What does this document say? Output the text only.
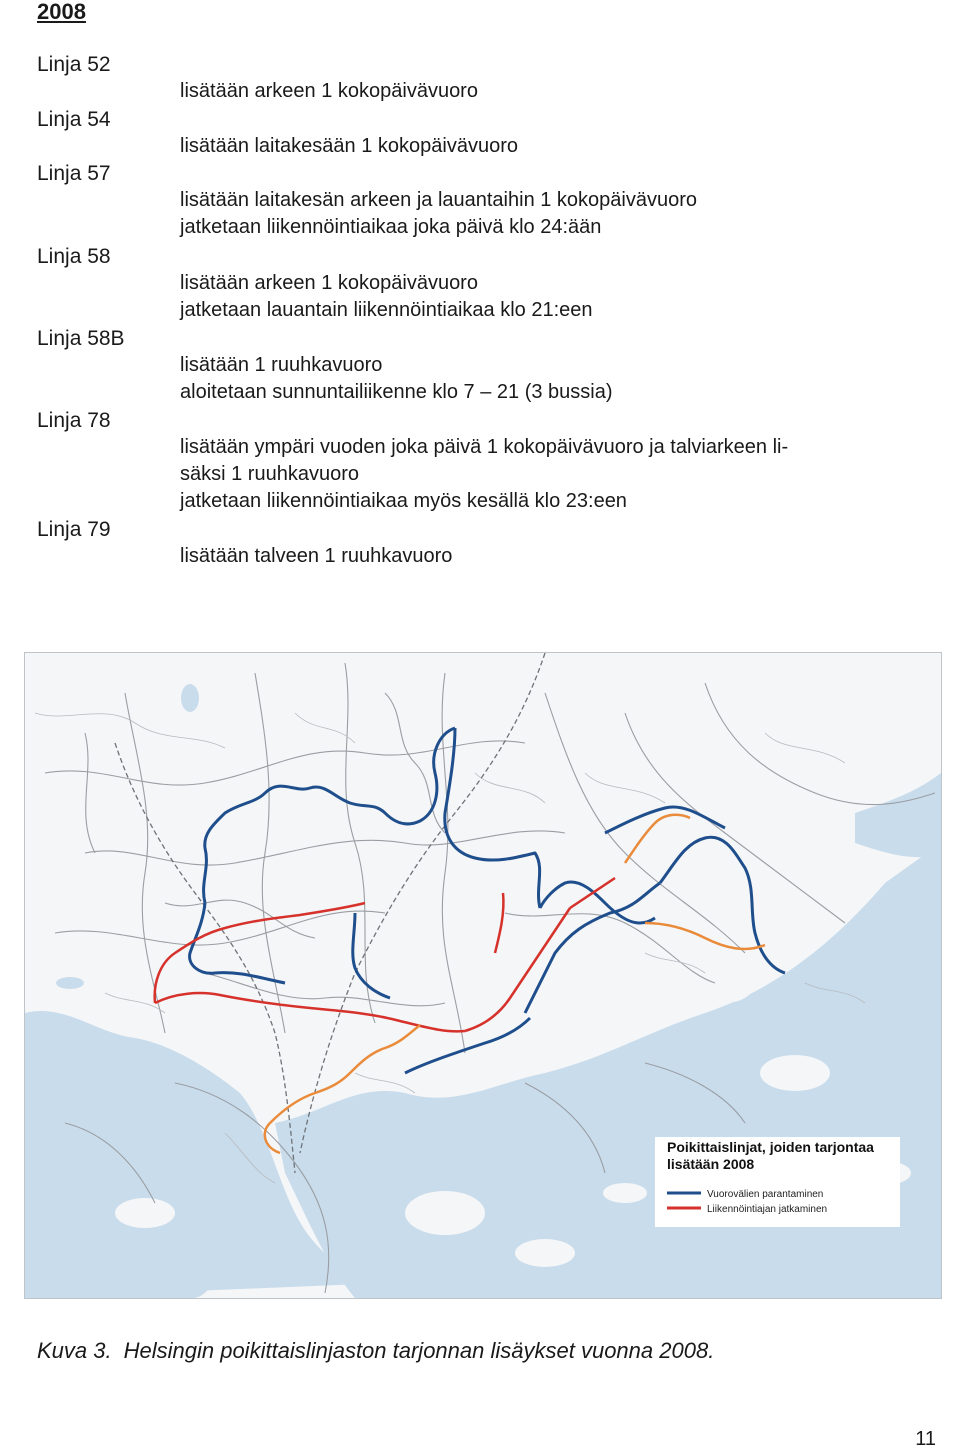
2008
Linja 52
lisätään arkeen 1 kokopäivävuoro
Linja 54
lisätään laitakesään 1 kokopäivävuoro
Linja 57
lisätään laitakesän arkeen ja lauantaihin 1 kokopäivävuoro
jatketaan liikennöintiaikaa joka päivä klo 24:ään
Linja 58
lisätään arkeen 1 kokopäivävuoro
jatketaan lauantain liikennöintiaikaa klo 21:een
Linja 58B
lisätään 1 ruuhkavuoro
aloitetaan sunnuntailiikenne klo 7 – 21 (3 bussia)
Linja 78
lisätään ympäri vuoden joka päivä 1 kokopäivävuoro ja talviarkeen li-
säksi 1 ruuhkavuoro
jatketaan liikennöintiaikaa myös kesällä klo 23:een
Linja 79
lisätään talveen 1 ruuhkavuoro
Poikittaislinjat, joiden tarjontaa
lisätään 2008
Vuorovälien parantaminen
Liikennöintiajan jatkaminen
Kuva 3. Helsingin poikittaislinjaston tarjonnan lisäykset vuonna 2008.
11
